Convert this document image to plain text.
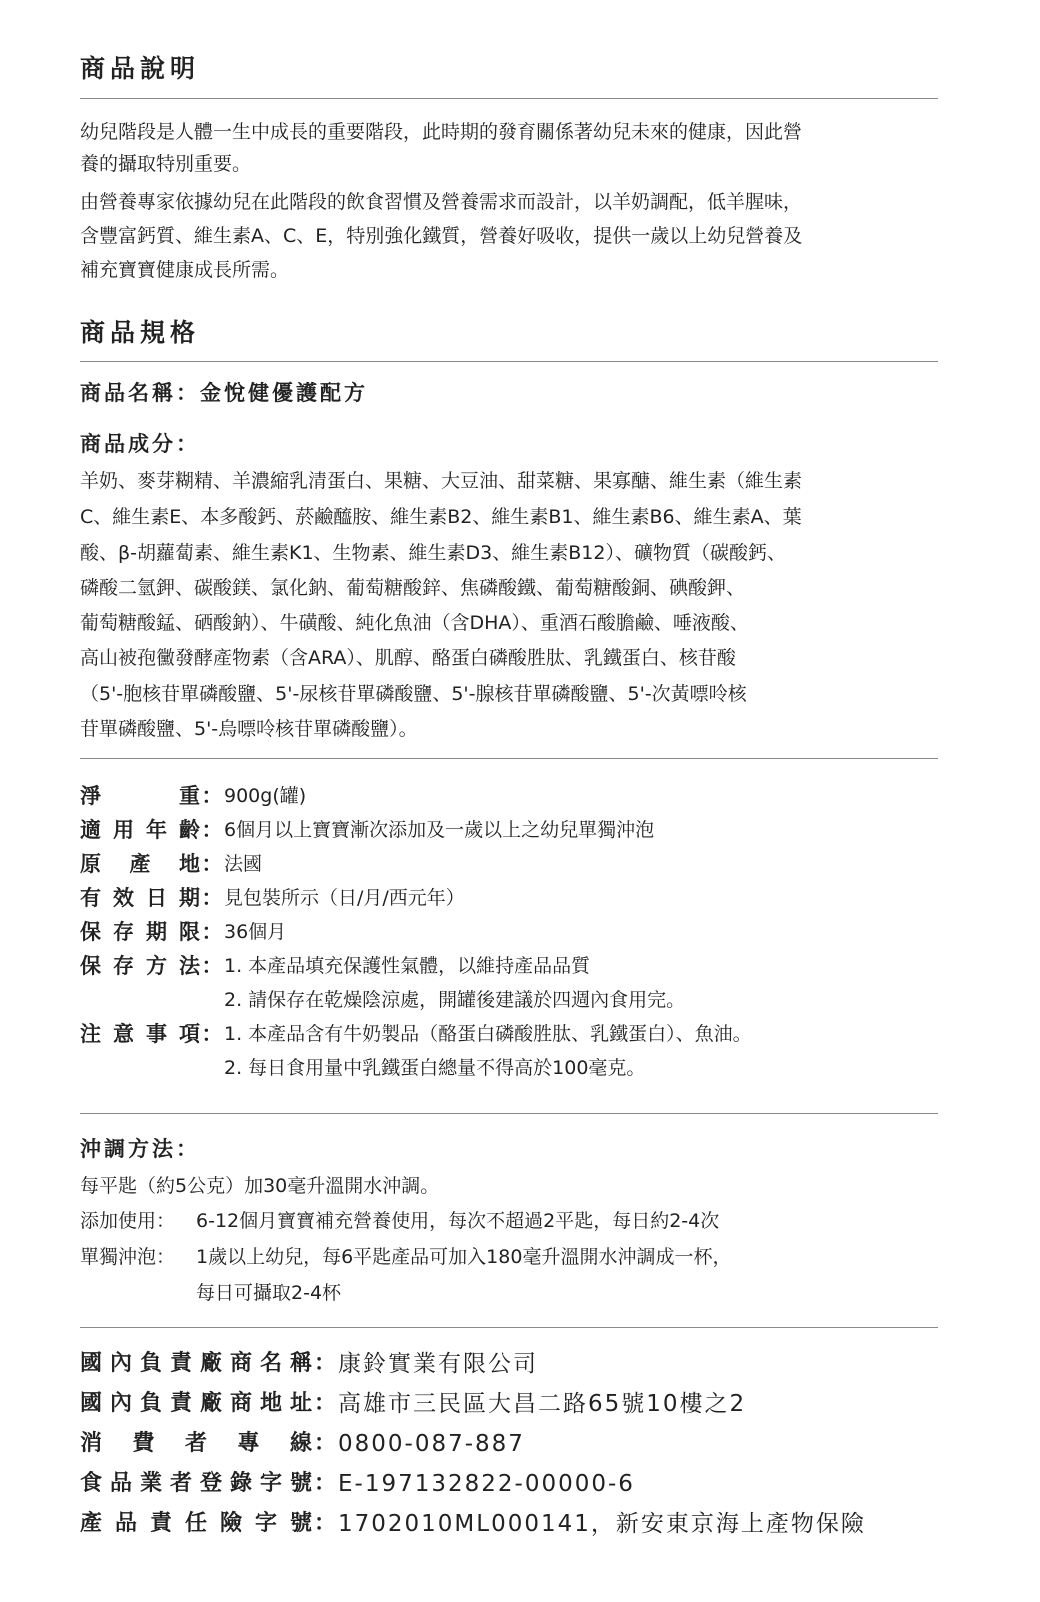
商品說明

幼兒階段是人體一生中成長的重要階段，此時期的發育關係著幼兒未來的健康，因此營

養的攝取特別重要。

由營養專家依據幼兒在此階段的飲食習慣及營養需求而設計，以羊奶調配，低羊腥味，

含豐富鈣質、維生素A、C、E，特別強化鐵質，營養好吸收，提供一歲以上幼兒營養及

補充寶寶健康成長所需。

商品規格

商品名稱：金悅健優護配方

商品成分：

羊奶、麥芽糊精、羊濃縮乳清蛋白、果糖、大豆油、甜菜糖、果寡醣、維生素（維生素

C、維生素E、本多酸鈣、菸鹼醯胺、維生素B2、維生素B1、維生素B6、維生素A、葉

酸、β-胡蘿蔔素、維生素K1、生物素、維生素D3、維生素B12）、礦物質（碳酸鈣、

磷酸二氫鉀、碳酸鎂、氯化鈉、葡萄糖酸鋅、焦磷酸鐵、葡萄糖酸銅、碘酸鉀、

葡萄糖酸錳、硒酸鈉）、牛磺酸、純化魚油（含DHA）、重酒石酸膽鹼、唾液酸、

高山被孢黴發酵產物素（含ARA）、肌醇、酪蛋白磷酸胜肽、乳鐵蛋白、核苷酸

（5'-胞核苷單磷酸鹽、5'-尿核苷單磷酸鹽、5'-腺核苷單磷酸鹽、5'-次黃嘌呤核

苷單磷酸鹽、5'-烏嘌呤核苷單磷酸鹽）。

淨重 ： 900g(罐)
適用年齡 ： 6個月以上寶寶漸次添加及一歲以上之幼兒單獨沖泡
原產地 ： 法國
有效日期 ： 見包裝所示（日/月/西元年）
保存期限 ： 36個月
保存方法 ： 1. 本產品填充保護性氣體，以維持產品品質
2. 請保存在乾燥陰涼處，開罐後建議於四週內食用完。
注意事項 ： 1. 本產品含有牛奶製品（酪蛋白磷酸胜肽、乳鐵蛋白）、魚油。
2. 每日食用量中乳鐵蛋白總量不得高於100毫克。

沖調方法：

每平匙（約5公克）加30毫升溫開水沖調。

添加使用：	6-12個月寶寶補充營養使用，每次不超過2平匙，每日約2-4次
單獨沖泡：	1歲以上幼兒，每6平匙產品可加入180毫升溫開水沖調成一杯，
每日可攝取2-4杯
國內負責廠商名稱 ： 康鈴實業有限公司
國內負責廠商地址 ： 高雄市三民區大昌二路65號10樓之2
消費者專線 ： 0800-087-887
食品業者登錄字號 ： E-197132822-00000-6
產品責任險字號 ： 1702010ML000141，新安東京海上產物保險
